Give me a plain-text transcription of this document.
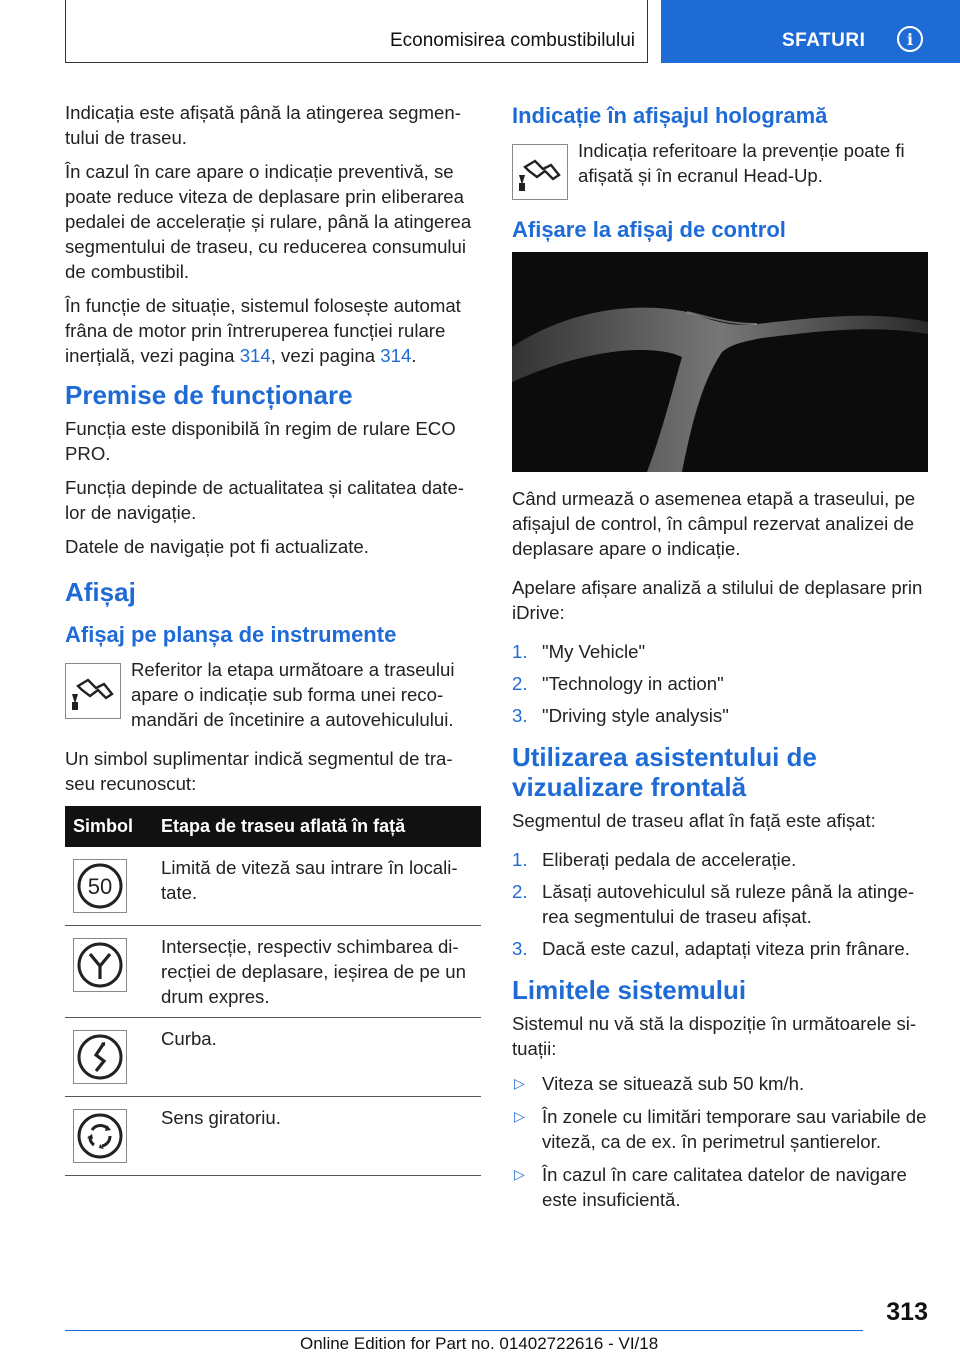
Economisirea combustibilului	SFATURI	i

Indicația este afișată până la atingerea segmen-tului de traseu.

În cazul în care apare o indicație preventivă, se poate reduce viteza de deplasare prin eliberarea pedalei de accelerație și rulare, până la atingerea segmentului de traseu, cu reducerea consumului de combustibil.

În funcție de situație, sistemul folosește automat frâna de motor prin întreruperea funcției rulare inerțială, vezi pagina 314, vezi pagina 314.

Premise de funcționare

Funcția este disponibilă în regim de rulare ECO PRO.

Funcția depinde de actualitatea și calitatea date-lor de navigație.

Datele de navigație pot fi actualizate.

Afișaj
Afișaj pe planșa de instrumente

Referitor la etapa următoare a traseului apare o indicație sub forma unei reco-mandări de încetinire a autovehiculului.

Un simbol suplimentar indică segmentul de tra-seu recunoscut:

Simbol	Etapa de traseu aflată în față

50	Limită de viteză sau intrare în locali-tate.

	Intersecție, respectiv schimbarea di-recției de deplasare, ieșirea de pe un drum expres.

	Curba.

	Sens giratoriu.
Indicație în afișajul hologramă

Indicația referitoare la prevenție poate fi afișată și în ecranul Head-Up.

Afișare la afișaj de control

Când urmează o asemenea etapă a traseului, pe afișajul de control, în câmpul rezervat analizei de deplasare apare o indicație.

Apelare afișare analiză a stilului de deplasare prin iDrive:

1. "My Vehicle"
2. "Technology in action"
3. "Driving style analysis"
Utilizarea asistentului de vizualizare frontală

Segmentul de traseu aflat în față este afișat:

1. Eliberați pedala de accelerație.
2. Lăsați autovehiculul să ruleze până la atinge-rea segmentului de traseu afișat.
3. Dacă este cazul, adaptați viteza prin frânare.
Limitele sistemului

Sistemul nu vă stă la dispoziție în următoarele si-tuații:

▷ Viteza se situează sub 50 km/h.
▷ În zonele cu limitări temporare sau variabile de viteză, ca de ex. în perimetrul șantierelor.
▷ În cazul în care calitatea datelor de navigare este insuficientă.
313
Online Edition for Part no. 01402722616 - VI/18
